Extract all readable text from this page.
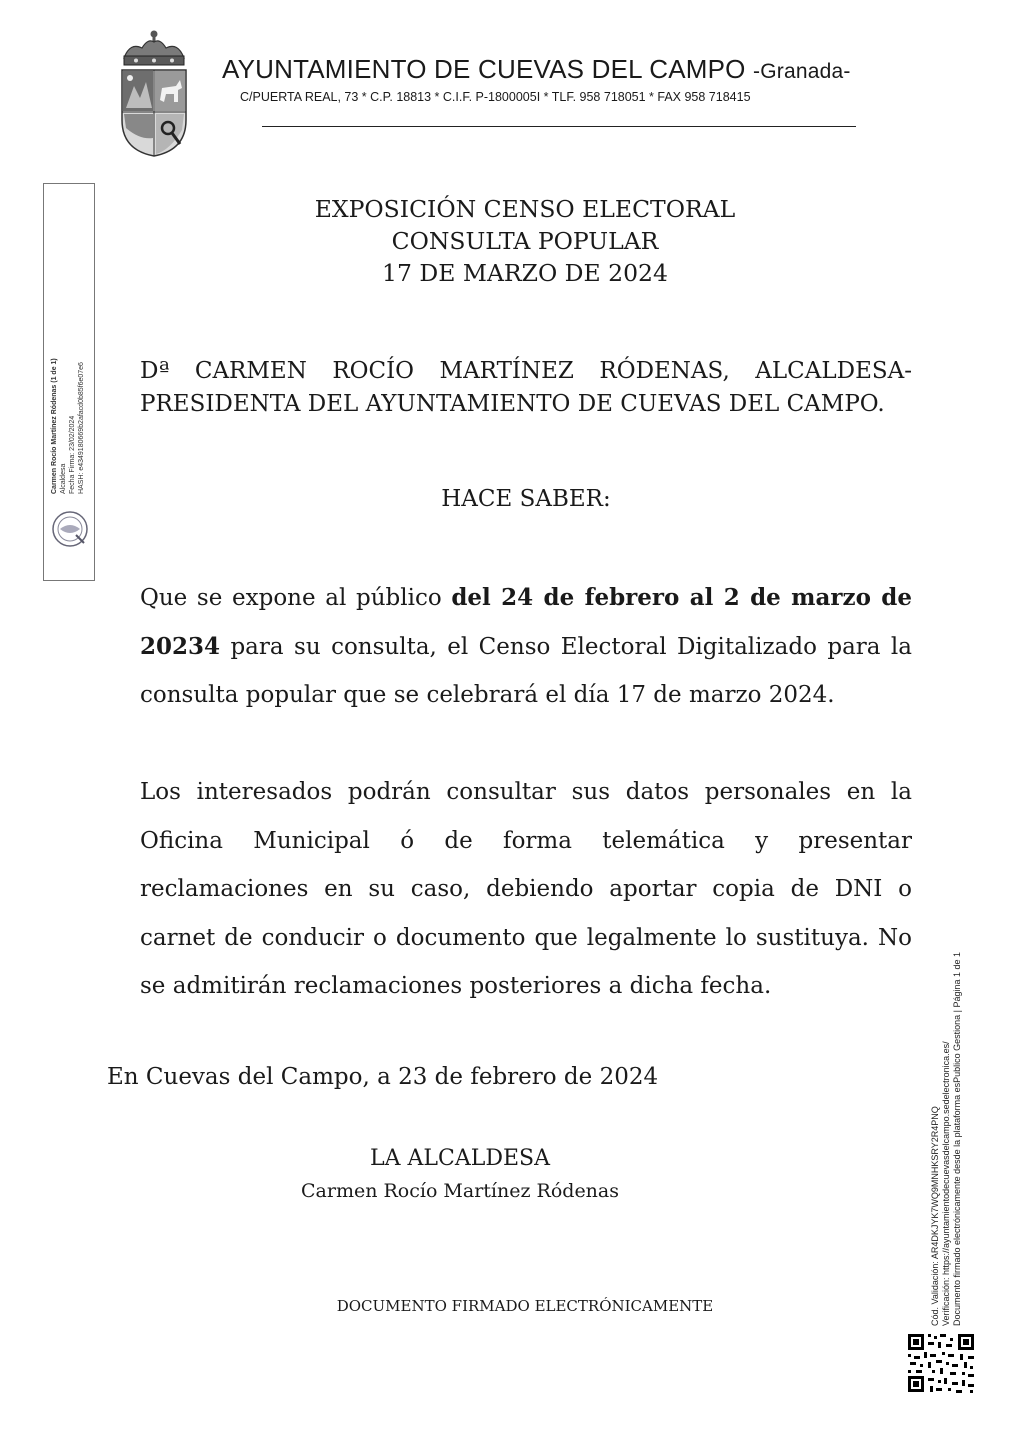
AYUNTAMIENTO DE CUEVAS DEL CAMPO -Granada-
C/PUERTA REAL, 73 * C.P. 18813 * C.I.F. P-1800005I * TLF. 958 718051 * FAX 958 718415
Carmen Rocío Martínez Ródenas (1 de 1) Alcaldesa Fecha Firma: 23/02/2024 HASH: e4349180669b2afacd0b85f6e07e6
EXPOSICIÓN CENSO ELECTORAL
CONSULTA POPULAR
17 DE MARZO DE 2024
Dª CARMEN ROCÍO MARTÍNEZ RÓDENAS, ALCALDESA-PRESIDENTA DEL AYUNTAMIENTO DE CUEVAS DEL CAMPO.
HACE SABER:
Que se expone al público del 24 de febrero al 2 de marzo de 20234 para su consulta, el Censo Electoral Digitalizado para la consulta popular que se celebrará el día 17 de marzo 2024.
Los interesados podrán consultar sus datos personales en la Oficina Municipal ó de forma telemática y presentar reclamaciones en su caso, debiendo aportar copia de DNI o carnet de conducir o documento que legalmente lo sustituya. No se admitirán reclamaciones posteriores a dicha fecha.
En Cuevas del Campo, a 23 de febrero de 2024
LA ALCALDESA
Carmen Rocío Martínez Ródenas
DOCUMENTO FIRMADO ELECTRÓNICAMENTE	Cód. Validación: AR4DKJYK7WQ9MNHKSRY2R4PNQ Verificación: https://ayuntamientodecuevasdelcampo.sedelectronica.es/ Documento firmado electrónicamente desde la plataforma esPublico Gestiona | Página 1 de 1
